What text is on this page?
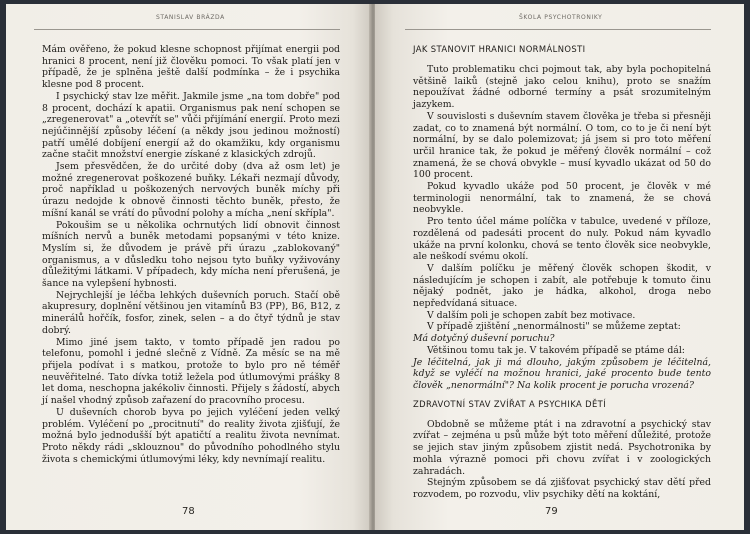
STANISLAV BRÁZDA

Mám ověřeno, že pokud klesne schopnost přijímat energii pod hranici 8 procent, není již člověku pomoci. To však platí jen v případě, že je splněna ještě další podmínka – že i psychika klesne pod 8 procent.

I psychický stav lze měřit. Jakmile jsme „na tom dobře" pod 8 procent, dochází k apatii. Organismus pak není schopen se „zregenerovat" a „otevřít se" vůči přijímání energií. Proto mezi nejúčinnější způsoby léčení (a někdy jsou jedinou možností) patří umělé dobíjení energií až do okamžiku, kdy organismu začne stačit množství energie získané z klasických zdrojů.

Jsem přesvědčen, že do určité doby (dva až osm let) je možné zregenerovat poškozené buňky. Lékaři nezmají důvody, proč například u poškozených nervových buněk míchy při úrazu nedojde k obnově činnosti těchto buněk, přesto, že míšní kanál se vrátí do původní polohy a mícha „není skřípla".

Pokoušim se u několika ochrnutých lidí obnovit činnost míšních nervů a buněk metodami popsanými v této knize. Myslím si, že důvodem je právě při úrazu „zablokovaný" organismus, a v důsledku toho nejsou tyto buňky vyživovány důležitými látkami. V případech, kdy mícha není přerušená, je šance na vylepšení hybnosti.

Nejrychlejší je léčba lehkých duševních poruch. Stačí obě akupresury, doplnění většinou jen vitamínů B3 (PP), B6, B12, z minerálů hořčík, fosfor, zinek, selen – a do čtyř týdnů je stav dobrý.

Mimo jiné jsem takto, v tomto případě jen radou po telefonu, pomohl i jedné slečně z Vídně. Za měsíc se na mě přijela podívat i s matkou, protože to bylo pro ně téměř neuvěřitelné. Tato dívka totiž ležela pod útlumovými prášky 8 let doma, neschopna jakékoliv činnosti. Přijely s žádostí, abych jí našel vhodný způsob zařazení do pracovního procesu.

U duševních chorob byva po jejich vyléčení jeden velký problém. Vyléčení po „procitnutí" do reality života zjišťují, že možná bylo jednodušší být apatičtí a realitu života nevnímat. Proto někdy rádi „sklouznou" do původního pohodlného stylu života s chemickými útlumovými léky, kdy nevnímají realitu.

78
ŠKOLA PSYCHOTRONIKY
JAK STANOVIT HRANICI NORMÁLNOSTI

Tuto problematiku chci pojmout tak, aby byla pochopitelná většině laiků (stejně jako celou knihu), proto se snažím nepoužívat žádné odborné termíny a psát srozumitelným jazykem.

V souvislosti s duševním stavem člověka je třeba si přesněji zadat, co to znamená být normální. O tom, co to je či není být normální, by se dalo polemizovat; já jsem si pro toto měření určil hranice tak, že pokud je měřený člověk normální – což znamená, že se chová obvykle – musí kyvadlo ukázat od 50 do 100 procent.

Pokud kyvadlo ukáže pod 50 procent, je člověk v mé terminologii nenormální, tak to znamená, že se chová neobvykle.

Pro tento účel máme políčka v tabulce, uvedené v příloze, rozdělená od padesáti procent do nuly. Pokud nám kyvadlo ukáže na první kolonku, chová se tento člověk sice neobvykle, ale neškodí svému okolí.

V dalším políčku je měřený člověk schopen škodit, v následujícím je schopen i zabít, ale potřebuje k tomuto činu nějaký podnět, jako je hádka, alkohol, droga nebo nepředvídaná situace.

V dalším poli je schopen zabít bez motivace.

V případě zjištění „nenormálnosti" se můžeme zeptat:

Má dotyčný duševní poruchu?

Většinou tomu tak je. V takovém případě se ptáme dál:

Je léčitelná, jak ji má dlouho, jakým způsobem je léčitelná, když se vyléčí na možnou hranici, jaké procento bude tento člověk „nenormální"? Na kolik procent je porucha vrozená?

ZDRAVOTNÍ STAV ZVÍŘAT A PSYCHIKA DĚTÍ

Obdobně se můžeme ptát i na zdravotní a psychický stav zvířat – zejména u psů může být toto měření důležité, protože se jejich stav jiným způsobem zjistit nedá. Psychotronika by mohla výrazně pomoci při chovu zvířat i v zoologických zahradách.

Stejným způsobem se dá zjišťovat psychický stav dětí před rozvodem, po rozvodu, vliv psychiky dětí na koktání,

79
